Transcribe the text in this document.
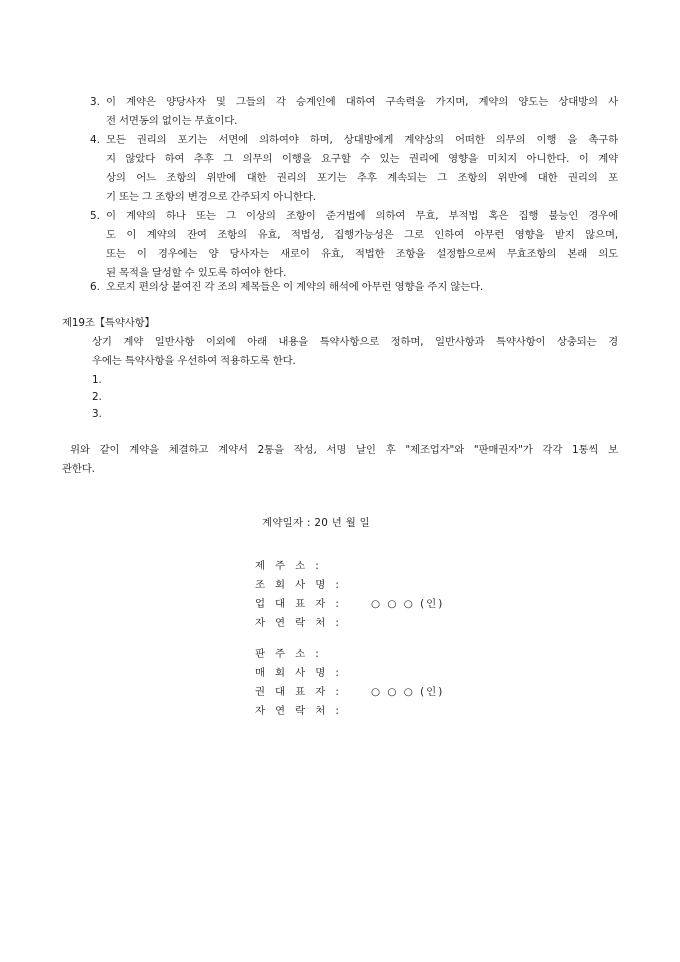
3. 이 계약은 양당사자 및 그들의 각 승계인에 대하여 구속력을 가지며, 계약의 양도는 상대방의 사
전 서면동의 없이는 무효이다.
4. 모든 권리의 포기는 서면에 의하여야 하며, 상대방에게 계약상의 어떠한 의무의 이행 을 촉구하
지 않았다 하여 추후 그 의무의 이행을 요구할 수 있는 권리에 영향을 미치지 아니한다. 이 계약
상의 어느 조항의 위반에 대한 권리의 포기는 추후 계속되는 그 조항의 위반에 대한 권리의 포
기 또는 그 조항의 변경으로 간주되지 아니한다.
5. 이 계약의 하나 또는 그 이상의 조항이 준거법에 의하여 무효, 부적법 혹은 집행 불능인 경우에
도 이 계약의 잔여 조항의 유효, 적법성, 집행가능성은 그로 인하여 아무런 영향을 받지 않으며,
또는 이 경우에는 양 당사자는 새로이 유효, 적법한 조항을 설정함으로써 무효조항의 본래 의도
된 목적을 달성할 수 있도록 하여야 한다.
6. 오로지 편의상 붙여진 각 조의 제목들은 이 계약의 해석에 아무런 영향을 주지 않는다.
제19조【특약사항】
상기 계약 일반사항 이외에 아래 내용을 특약사항으로 정하며, 일반사항과 특약사항이 상충되는 경
우에는 특약사항을 우선하여 적용하도록 한다.
1.
2.
3.
위와 같이 계약을 체결하고 계약서 2통을 작성, 서명 날인 후 "제조업자"와 "판매권자"가 각각 1통씩 보
관한다.
계약일자 : 20 년 월 일
제 주 소 :
조 회 사 명 :
업 대 표 자 :	○ ○ ○ (인)
자 연 락 처 :
판 주 소 :
매 회 사 명 :
권 대 표 자 :	○ ○ ○ (인)
자 연 락 처 :
